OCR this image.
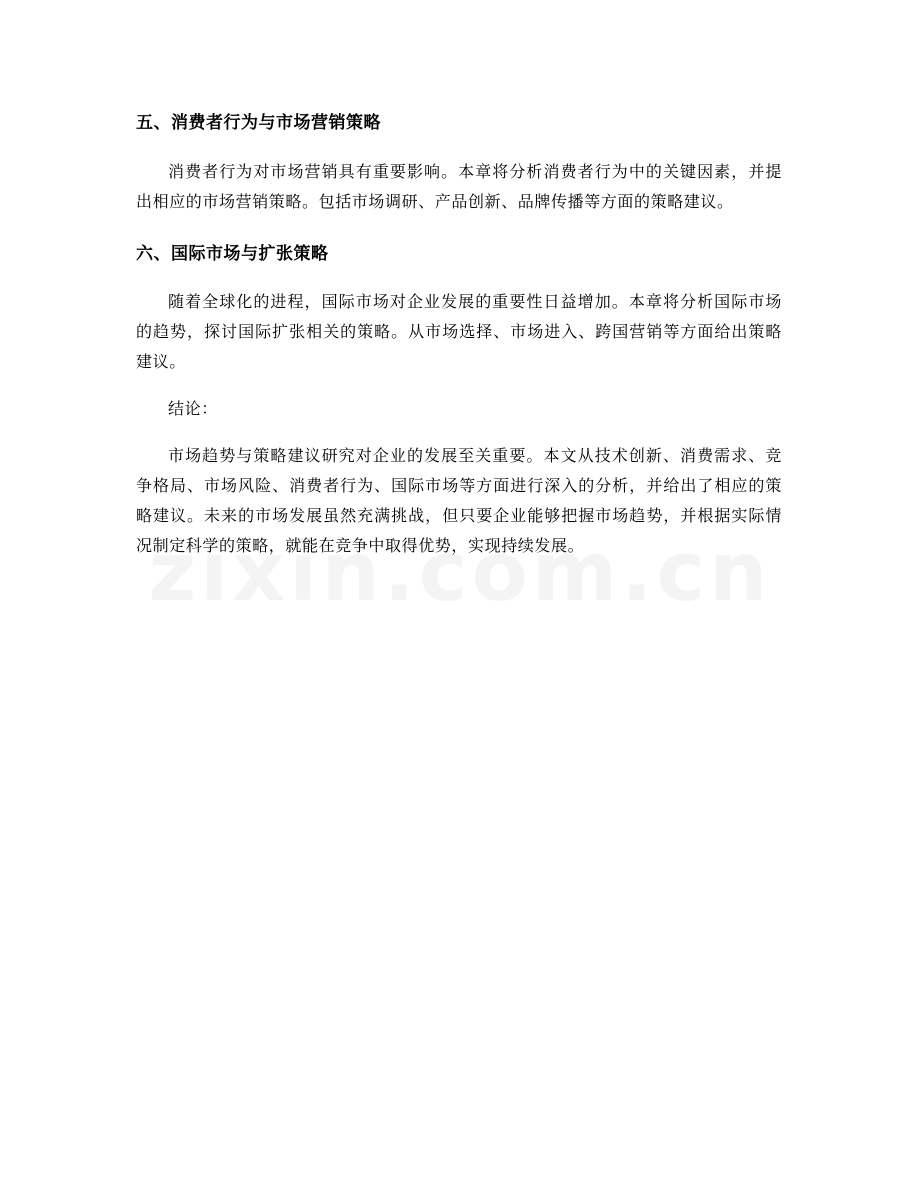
五、消费者行为与市场营销策略

消费者行为对市场营销具有重要影响。本章将分析消费者行为中的关键因素，并提出相应的市场营销策略。包括市场调研、产品创新、品牌传播等方面的策略建议。

六、国际市场与扩张策略

随着全球化的进程，国际市场对企业发展的重要性日益增加。本章将分析国际市场的趋势，探讨国际扩张相关的策略。从市场选择、市场进入、跨国营销等方面给出策略建议。

结论：

市场趋势与策略建议研究对企业的发展至关重要。本文从技术创新、消费需求、竞争格局、市场风险、消费者行为、国际市场等方面进行深入的分析，并给出了相应的策略建议。未来的市场发展虽然充满挑战，但只要企业能够把握市场趋势，并根据实际情况制定科学的策略，就能在竞争中取得优势，实现持续发展。
